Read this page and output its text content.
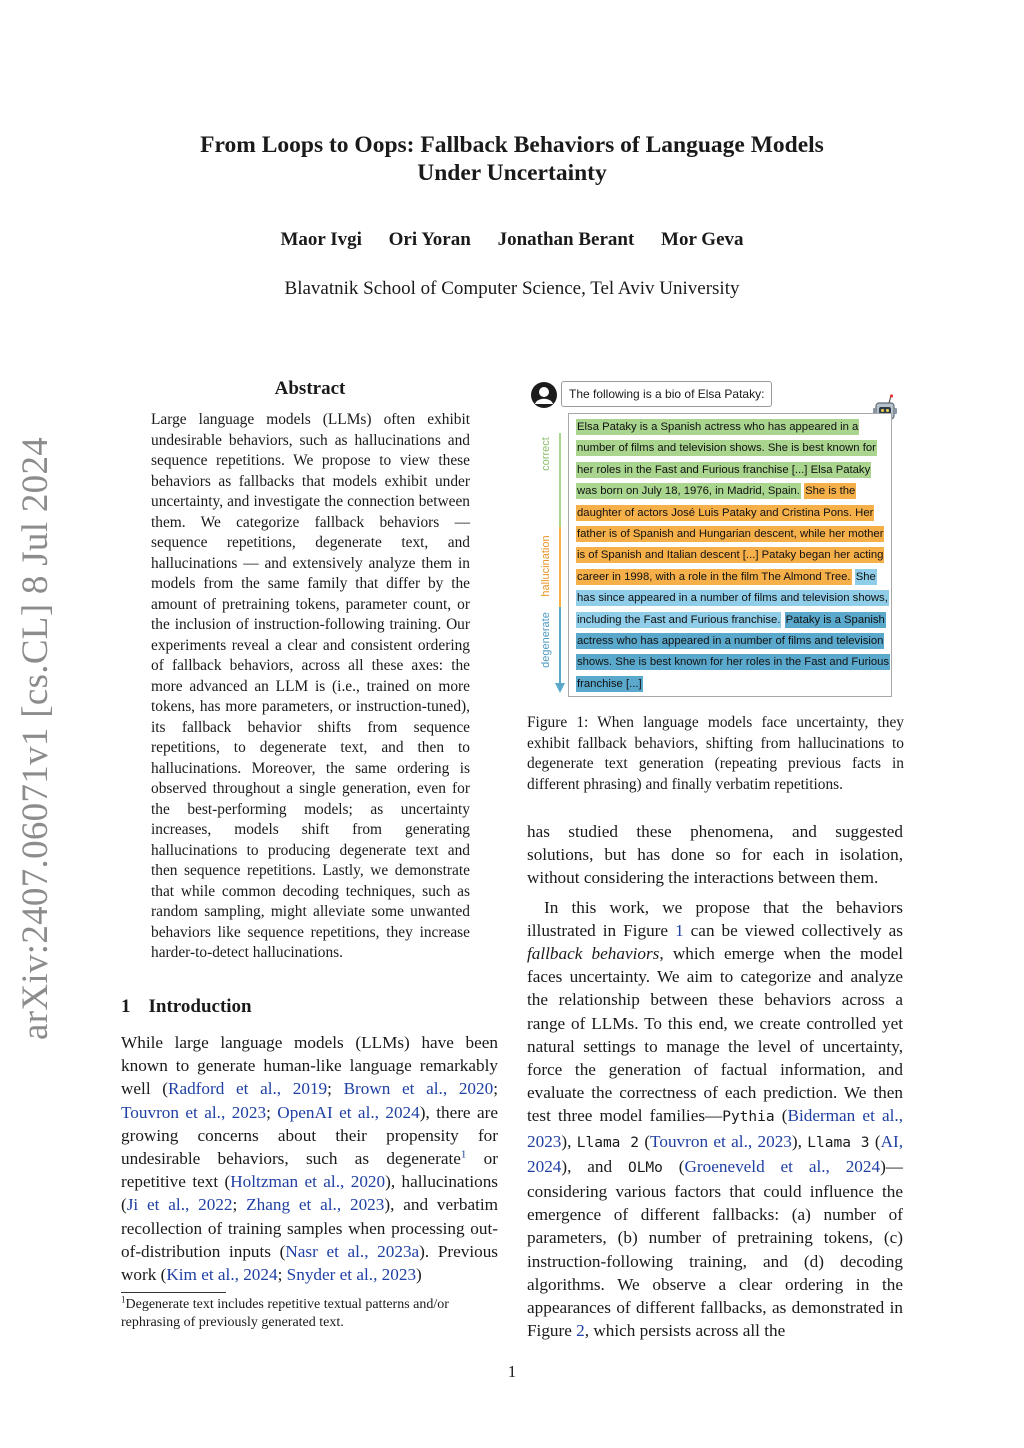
arXiv:2407.06071v1 [cs.CL] 8 Jul 2024
From Loops to Oops: Fallback Behaviors of Language Models
Under Uncertainty
Maor Ivgi Ori Yoran Jonathan Berant Mor Geva
Blavatnik School of Computer Science, Tel Aviv University
Abstract
Large language models (LLMs) often exhibit undesirable behaviors, such as hallucinations and sequence repetitions. We propose to view these behaviors as fallbacks that models exhibit under uncertainty, and investigate the connection between them. We categorize fallback behaviors — sequence repetitions, degenerate text, and hallucinations — and extensively analyze them in models from the same family that differ by the amount of pretraining tokens, parameter count, or the inclusion of instruction-following training. Our experiments reveal a clear and consistent ordering of fallback behaviors, across all these axes: the more advanced an LLM is (i.e., trained on more tokens, has more parameters, or instruction-tuned), its fallback behavior shifts from sequence repetitions, to degenerate text, and then to hallucinations. Moreover, the same ordering is observed throughout a single generation, even for the best-performing models; as uncertainty increases, models shift from generating hallucinations to producing degenerate text and then sequence repetitions. Lastly, we demonstrate that while common decoding techniques, such as random sampling, might alleviate some unwanted behaviors like sequence repetitions, they increase harder-to-detect hallucinations.
1 Introduction

While large language models (LLMs) have been known to generate human-like language remarkably well (Radford et al., 2019; Brown et al., 2020; Touvron et al., 2023; OpenAI et al., 2024), there are growing concerns about their propensity for undesirable behaviors, such as degenerate$^1$ or repetitive text (Holtzman et al., 2020), hallucinations (Ji et al., 2022; Zhang et al., 2023), and verbatim recollection of training samples when processing out-of-distribution inputs (Nasr et al., 2023a). Previous work (Kim et al., 2024; Snyder et al., 2023)

$^1$Degenerate text includes repetitive textual patterns and/or rephrasing of previously generated text.
The following is a bio of Elsa Pataky:
correct
hallucination
degenerate
Elsa Pataky is a Spanish actress who has appeared in a number of films and television shows. She is best known for her roles in the Fast and Furious franchise [...] Elsa Pataky was born on July 18, 1976, in Madrid, Spain. She is the daughter of actors José Luis Pataky and Cristina Pons. Her father is of Spanish and Hungarian descent, while her mother is of Spanish and Italian descent [...] Pataky began her acting career in 1998, with a role in the film The Almond Tree. She has since appeared in a number of films and television shows, including the Fast and Furious franchise. Pataky is a Spanish actress who has appeared in a number of films and television shows. She is best known for her roles in the Fast and Furious franchise [...]
Figure 1: When language models face uncertainty, they exhibit fallback behaviors, shifting from hallucinations to degenerate text generation (repeating previous facts in different phrasing) and finally verbatim repetitions.

has studied these phenomena, and suggested solutions, but has done so for each in isolation, without considering the interactions between them.

In this work, we propose that the behaviors illustrated in Figure 1 can be viewed collectively as fallback behaviors, which emerge when the model faces uncertainty. We aim to categorize and analyze the relationship between these behaviors across a range of LLMs. To this end, we create controlled yet natural settings to manage the level of uncertainty, force the generation of factual information, and evaluate the correctness of each prediction. We then test three model families—Pythia (Biderman et al., 2023), Llama 2 (Touvron et al., 2023), Llama 3 (AI, 2024), and OLMo (Groeneveld et al., 2024)—considering various factors that could influence the emergence of different fallbacks: (a) number of parameters, (b) number of pretraining tokens, (c) instruction-following training, and (d) decoding algorithms. We observe a clear ordering in the appearances of different fallbacks, as demonstrated in Figure 2, which persists across all the

1
